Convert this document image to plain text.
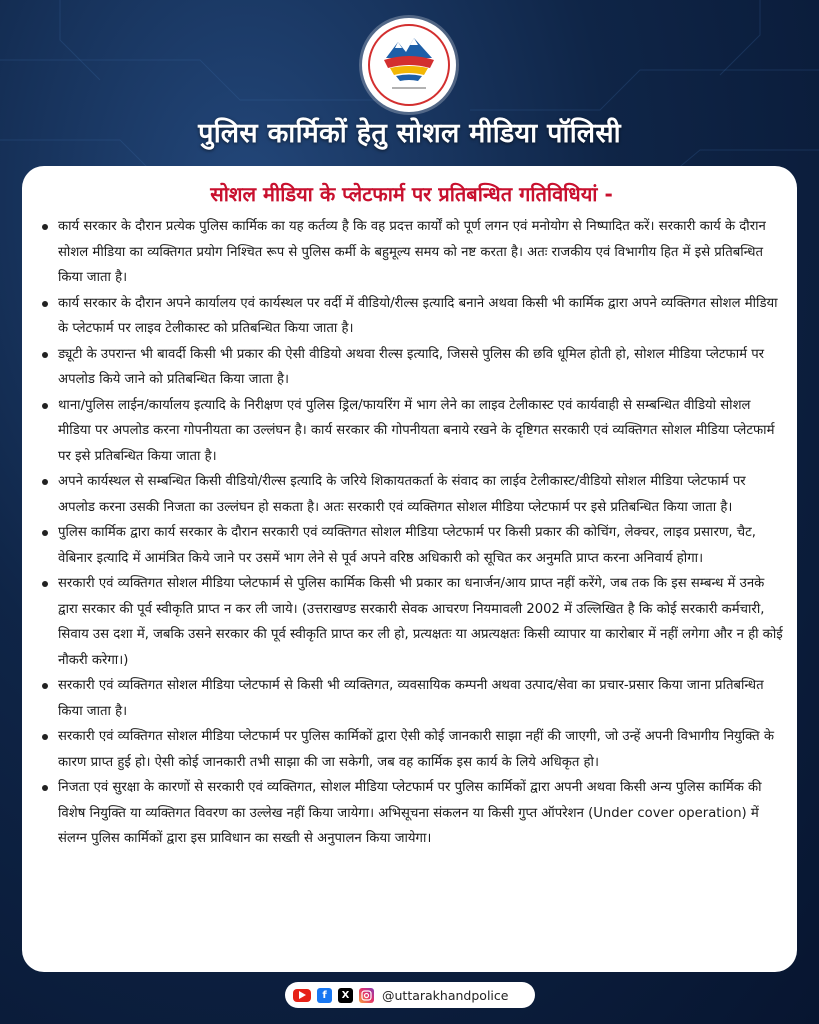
पुलिस कार्मिकों हेतु सोशल मीडिया पॉलिसी
सोशल मीडिया के प्लेटफार्म पर प्रतिबन्धित गतिविधियां -
कार्य सरकार के दौरान प्रत्येक पुलिस कार्मिक का यह कर्तव्य है कि वह प्रदत्त कार्यों को पूर्ण लगन एवं मनोयोग से निष्पादित करें। सरकारी कार्य के दौरान सोशल मीडिया का व्यक्तिगत प्रयोग निश्चित रूप से पुलिस कर्मी के बहुमूल्य समय को नष्ट करता है। अतः राजकीय एवं विभागीय हित में इसे प्रतिबन्धित किया जाता है।
कार्य सरकार के दौरान अपने कार्यालय एवं कार्यस्थल पर वर्दी में वीडियो/रील्स इत्यादि बनाने अथवा किसी भी कार्मिक द्वारा अपने व्यक्तिगत सोशल मीडिया के प्लेटफार्म पर लाइव टेलीकास्ट को प्रतिबन्धित किया जाता है।
ड्यूटी के उपरान्त भी बावर्दी किसी भी प्रकार की ऐसी वीडियो अथवा रील्स इत्यादि, जिससे पुलिस की छवि धूमिल होती हो, सोशल मीडिया प्लेटफार्म पर अपलोड किये जाने को प्रतिबन्धित किया जाता है।
थाना/पुलिस लाईन/कार्यालय इत्यादि के निरीक्षण एवं पुलिस ड्रिल/फायरिंग में भाग लेने का लाइव टेलीकास्ट एवं कार्यवाही से सम्बन्धित वीडियो सोशल मीडिया पर अपलोड करना गोपनीयता का उल्लंघन है। कार्य सरकार की गोपनीयता बनाये रखने के दृष्टिगत सरकारी एवं व्यक्तिगत सोशल मीडिया प्लेटफार्म पर इसे प्रतिबन्धित किया जाता है।
अपने कार्यस्थल से सम्बन्धित किसी वीडियो/रील्स इत्यादि के जरिये शिकायतकर्ता के संवाद का लाईव टेलीकास्ट/वीडियो सोशल मीडिया प्लेटफार्म पर अपलोड करना उसकी निजता का उल्लंघन हो सकता है। अतः सरकारी एवं व्यक्तिगत सोशल मीडिया प्लेटफार्म पर इसे प्रतिबन्धित किया जाता है।
पुलिस कार्मिक द्वारा कार्य सरकार के दौरान सरकारी एवं व्यक्तिगत सोशल मीडिया प्लेटफार्म पर किसी प्रकार की कोचिंग, लेक्चर, लाइव प्रसारण, चैट, वेबिनार इत्यादि में आमंत्रित किये जाने पर उसमें भाग लेने से पूर्व अपने वरिष्ठ अधिकारी को सूचित कर अनुमति प्राप्त करना अनिवार्य होगा।
सरकारी एवं व्यक्तिगत सोशल मीडिया प्लेटफार्म से पुलिस कार्मिक किसी भी प्रकार का धनार्जन/आय प्राप्त नहीं करेंगे, जब तक कि इस सम्बन्ध में उनके द्वारा सरकार की पूर्व स्वीकृति प्राप्त न कर ली जाये। (उत्तराखण्ड सरकारी सेवक आचरण नियमावली 2002 में उल्लिखित है कि कोई सरकारी कर्मचारी, सिवाय उस दशा में, जबकि उसने सरकार की पूर्व स्वीकृति प्राप्त कर ली हो, प्रत्यक्षतः या अप्रत्यक्षतः किसी व्यापार या कारोबार में नहीं लगेगा और न ही कोई नौकरी करेगा।)
सरकारी एवं व्यक्तिगत सोशल मीडिया प्लेटफार्म से किसी भी व्यक्तिगत, व्यवसायिक कम्पनी अथवा उत्पाद/सेवा का प्रचार-प्रसार किया जाना प्रतिबन्धित किया जाता है।
सरकारी एवं व्यक्तिगत सोशल मीडिया प्लेटफार्म पर पुलिस कार्मिकों द्वारा ऐसी कोई जानकारी साझा नहीं की जाएगी, जो उन्हें अपनी विभागीय नियुक्ति के कारण प्राप्त हुई हो। ऐसी कोई जानकारी तभी साझा की जा सकेगी, जब वह कार्मिक इस कार्य के लिये अधिकृत हो।
निजता एवं सुरक्षा के कारणों से सरकारी एवं व्यक्तिगत, सोशल मीडिया प्लेटफार्म पर पुलिस कार्मिकों द्वारा अपनी अथवा किसी अन्य पुलिस कार्मिक की विशेष नियुक्ति या व्यक्तिगत विवरण का उल्लेख नहीं किया जायेगा। अभिसूचना संकलन या किसी गुप्त ऑपरेशन (Under cover operation) में संलग्न पुलिस कार्मिकों द्वारा इस प्राविधान का सख्ती से अनुपालन किया जायेगा।
f	X	@uttarakhandpolice
